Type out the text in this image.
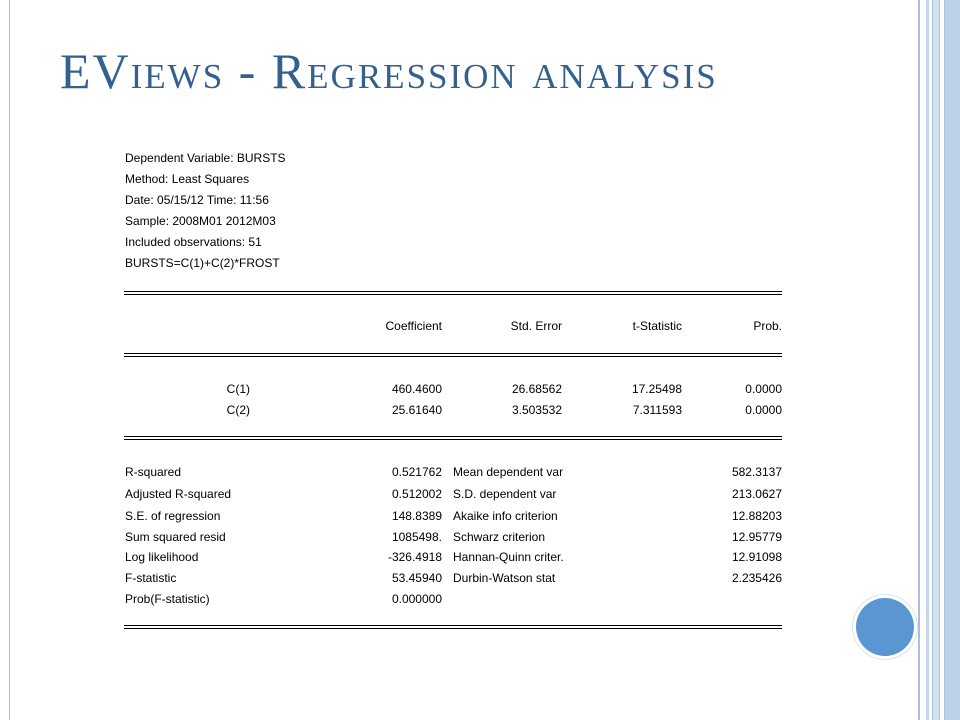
EViews - Regression analysis
Dependent Variable: BURSTS
Method: Least Squares
Date: 05/15/12 Time: 11:56
Sample: 2008M01 2012M03
Included observations: 51
BURSTS=C(1)+C(2)*FROST
Coefficient	Std. Error	t-Statistic	Prob.
C(1)	460.4600	26.68562	17.25498	0.0000
C(2)	25.61640	3.503532	7.311593	0.0000
R-squared	0.521762 Mean dependent var	582.3137
Adjusted R-squared	0.512002 S.D. dependent var	213.0627
S.E. of regression	148.8389 Akaike info criterion	12.88203
Sum squared resid	1085498. Schwarz criterion	12.95779
Log likelihood	-326.4918 Hannan-Quinn criter.	12.91098
F-statistic	53.45940 Durbin-Watson stat	2.235426
Prob(F-statistic)	0.000000
